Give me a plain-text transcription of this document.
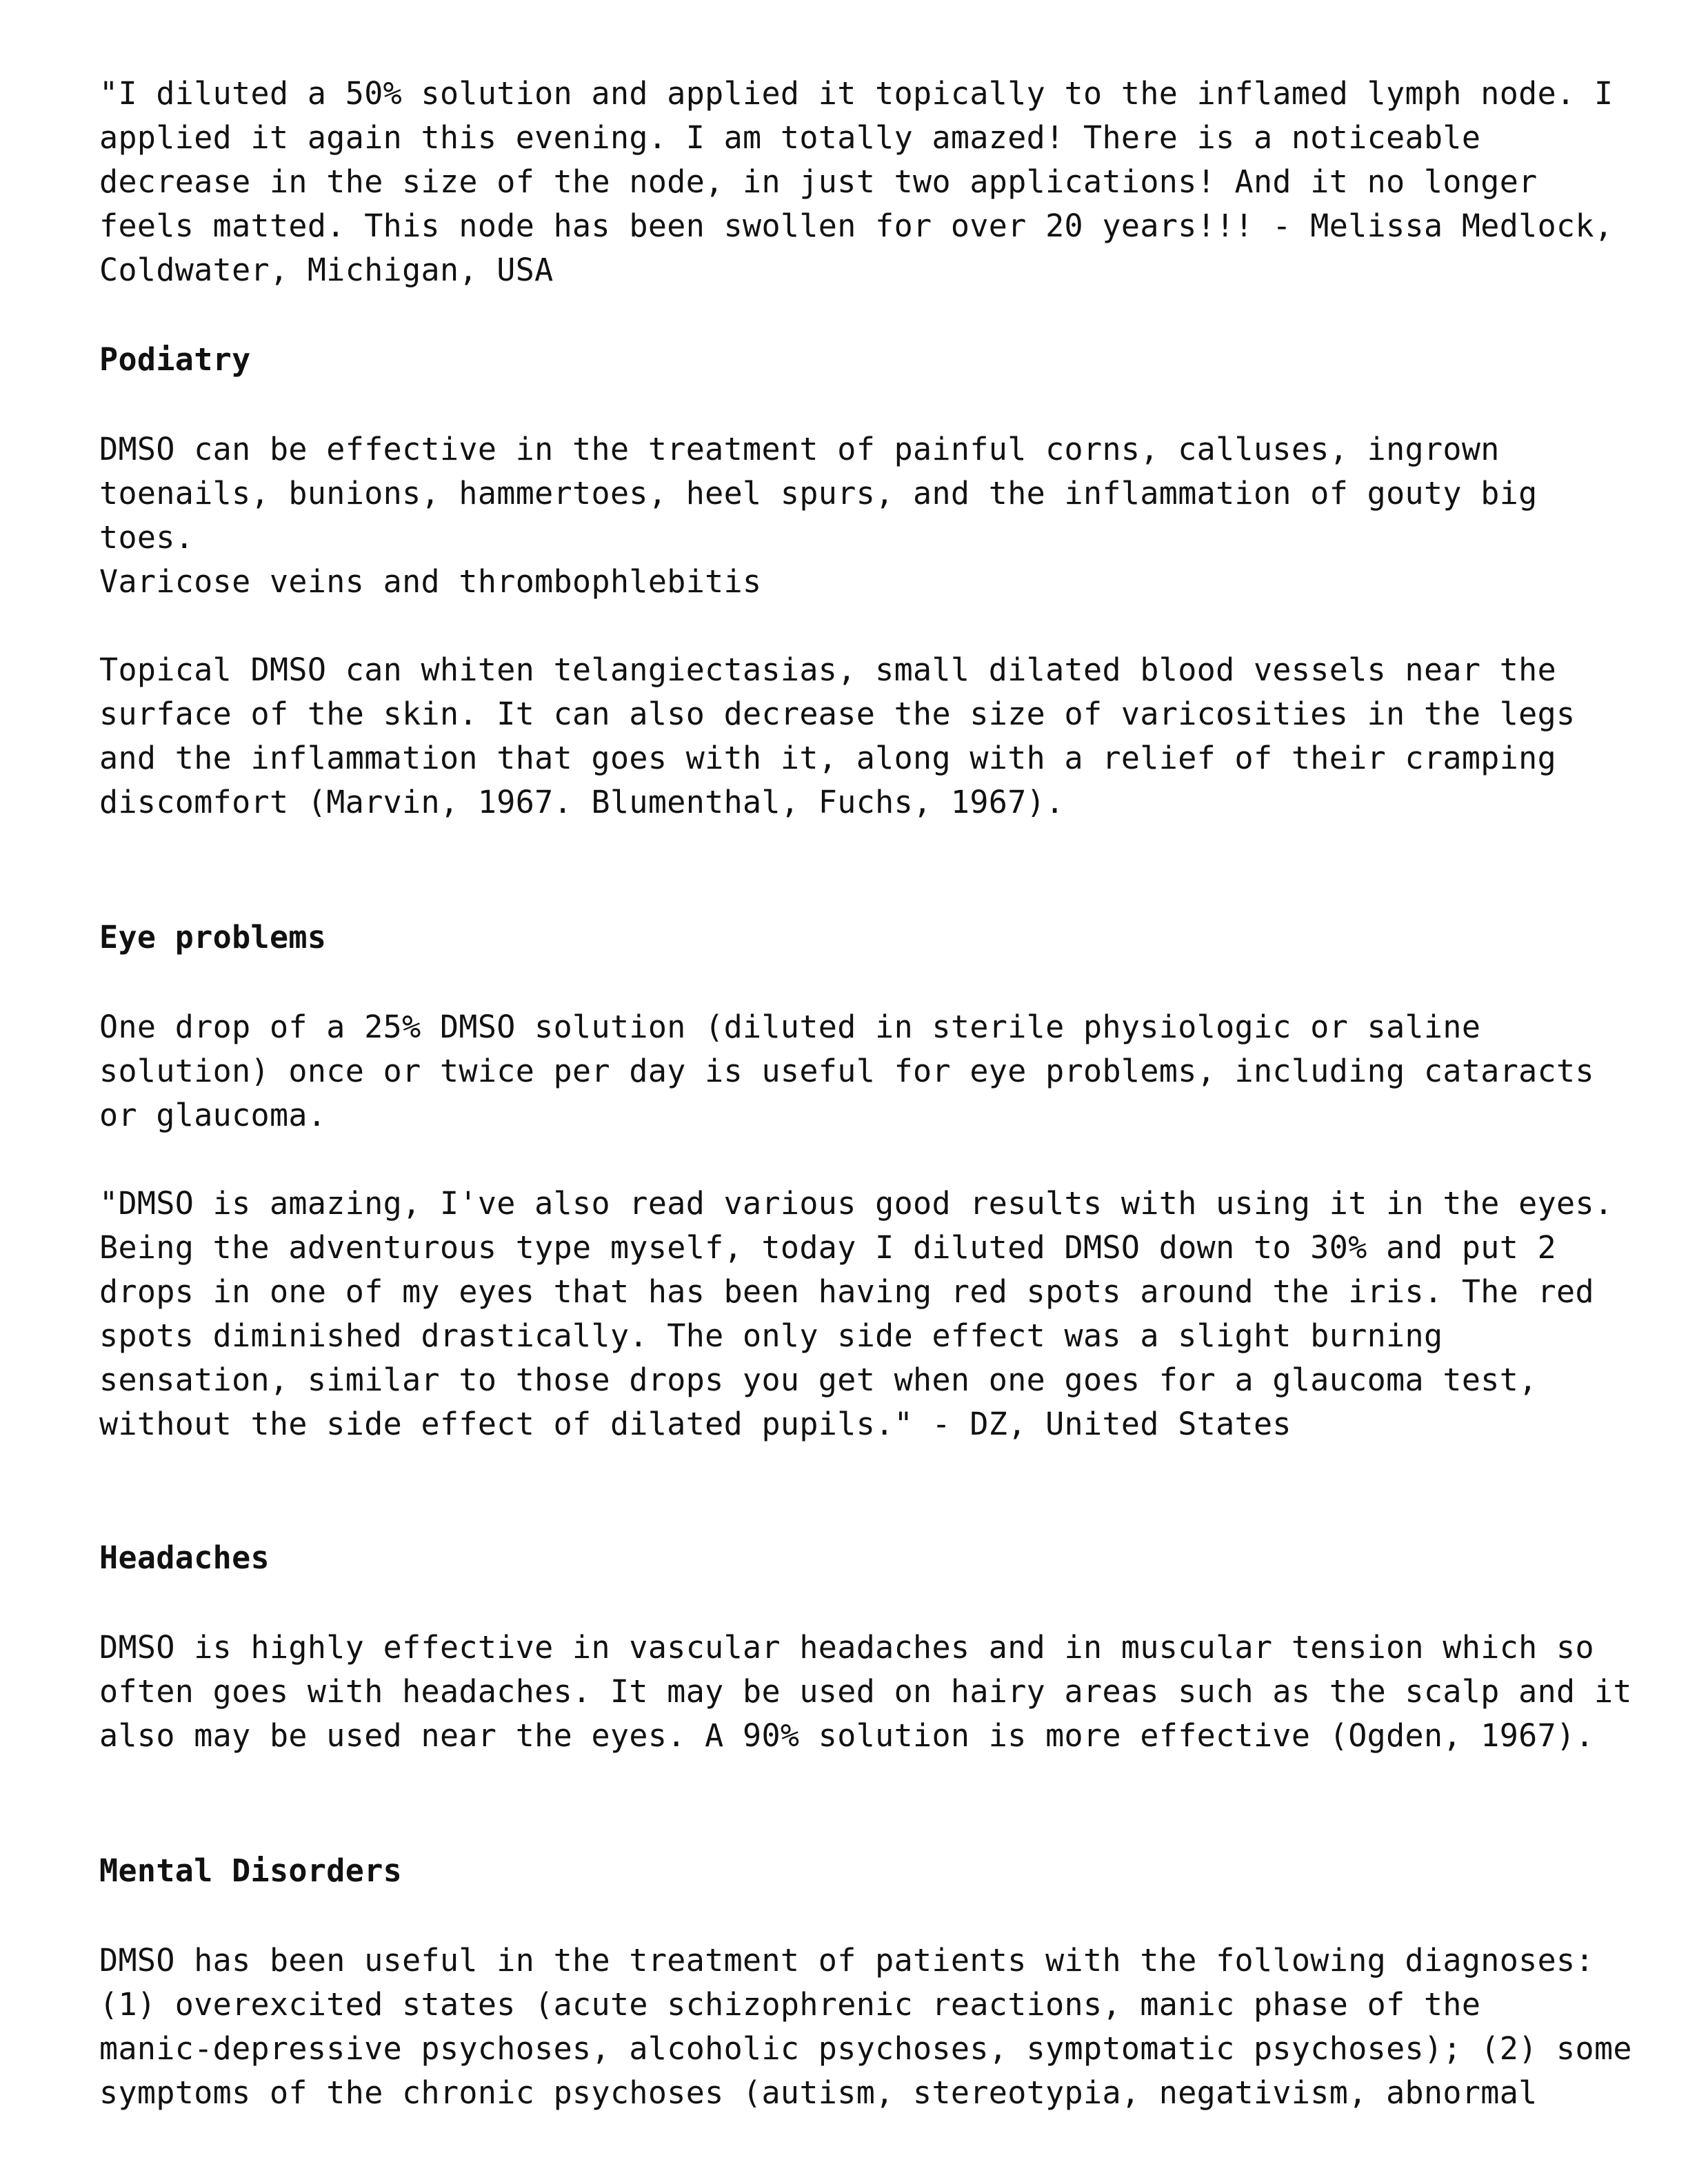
"I diluted a 50% solution and applied it topically to the inflamed lymph node. I

applied it again this evening. I am totally amazed! There is a noticeable

decrease in the size of the node, in just two applications! And it no longer

feels matted. This node has been swollen for over 20 years!!! - Melissa Medlock,

Coldwater, Michigan, USA

Podiatry

DMSO can be effective in the treatment of painful corns, calluses, ingrown

toenails, bunions, hammertoes, heel spurs, and the inflammation of gouty big

toes.

Varicose veins and thrombophlebitis

Topical DMSO can whiten telangiectasias, small dilated blood vessels near the

surface of the skin. It can also decrease the size of varicosities in the legs

and the inflammation that goes with it, along with a relief of their cramping

discomfort (Marvin, 1967. Blumenthal, Fuchs, 1967).

Eye problems

One drop of a 25% DMSO solution (diluted in sterile physiologic or saline

solution) once or twice per day is useful for eye problems, including cataracts

or glaucoma.

"DMSO is amazing, I've also read various good results with using it in the eyes.

Being the adventurous type myself, today I diluted DMSO down to 30% and put 2

drops in one of my eyes that has been having red spots around the iris. The red

spots diminished drastically. The only side effect was a slight burning

sensation, similar to those drops you get when one goes for a glaucoma test,

without the side effect of dilated pupils." - DZ, United States

Headaches

DMSO is highly effective in vascular headaches and in muscular tension which so

often goes with headaches. It may be used on hairy areas such as the scalp and it

also may be used near the eyes. A 90% solution is more effective (Ogden, 1967).

Mental Disorders

DMSO has been useful in the treatment of patients with the following diagnoses:

(1) overexcited states (acute schizophrenic reactions, manic phase of the

manic-depressive psychoses, alcoholic psychoses, symptomatic psychoses); (2) some

symptoms of the chronic psychoses (autism, stereotypia, negativism, abnormal
